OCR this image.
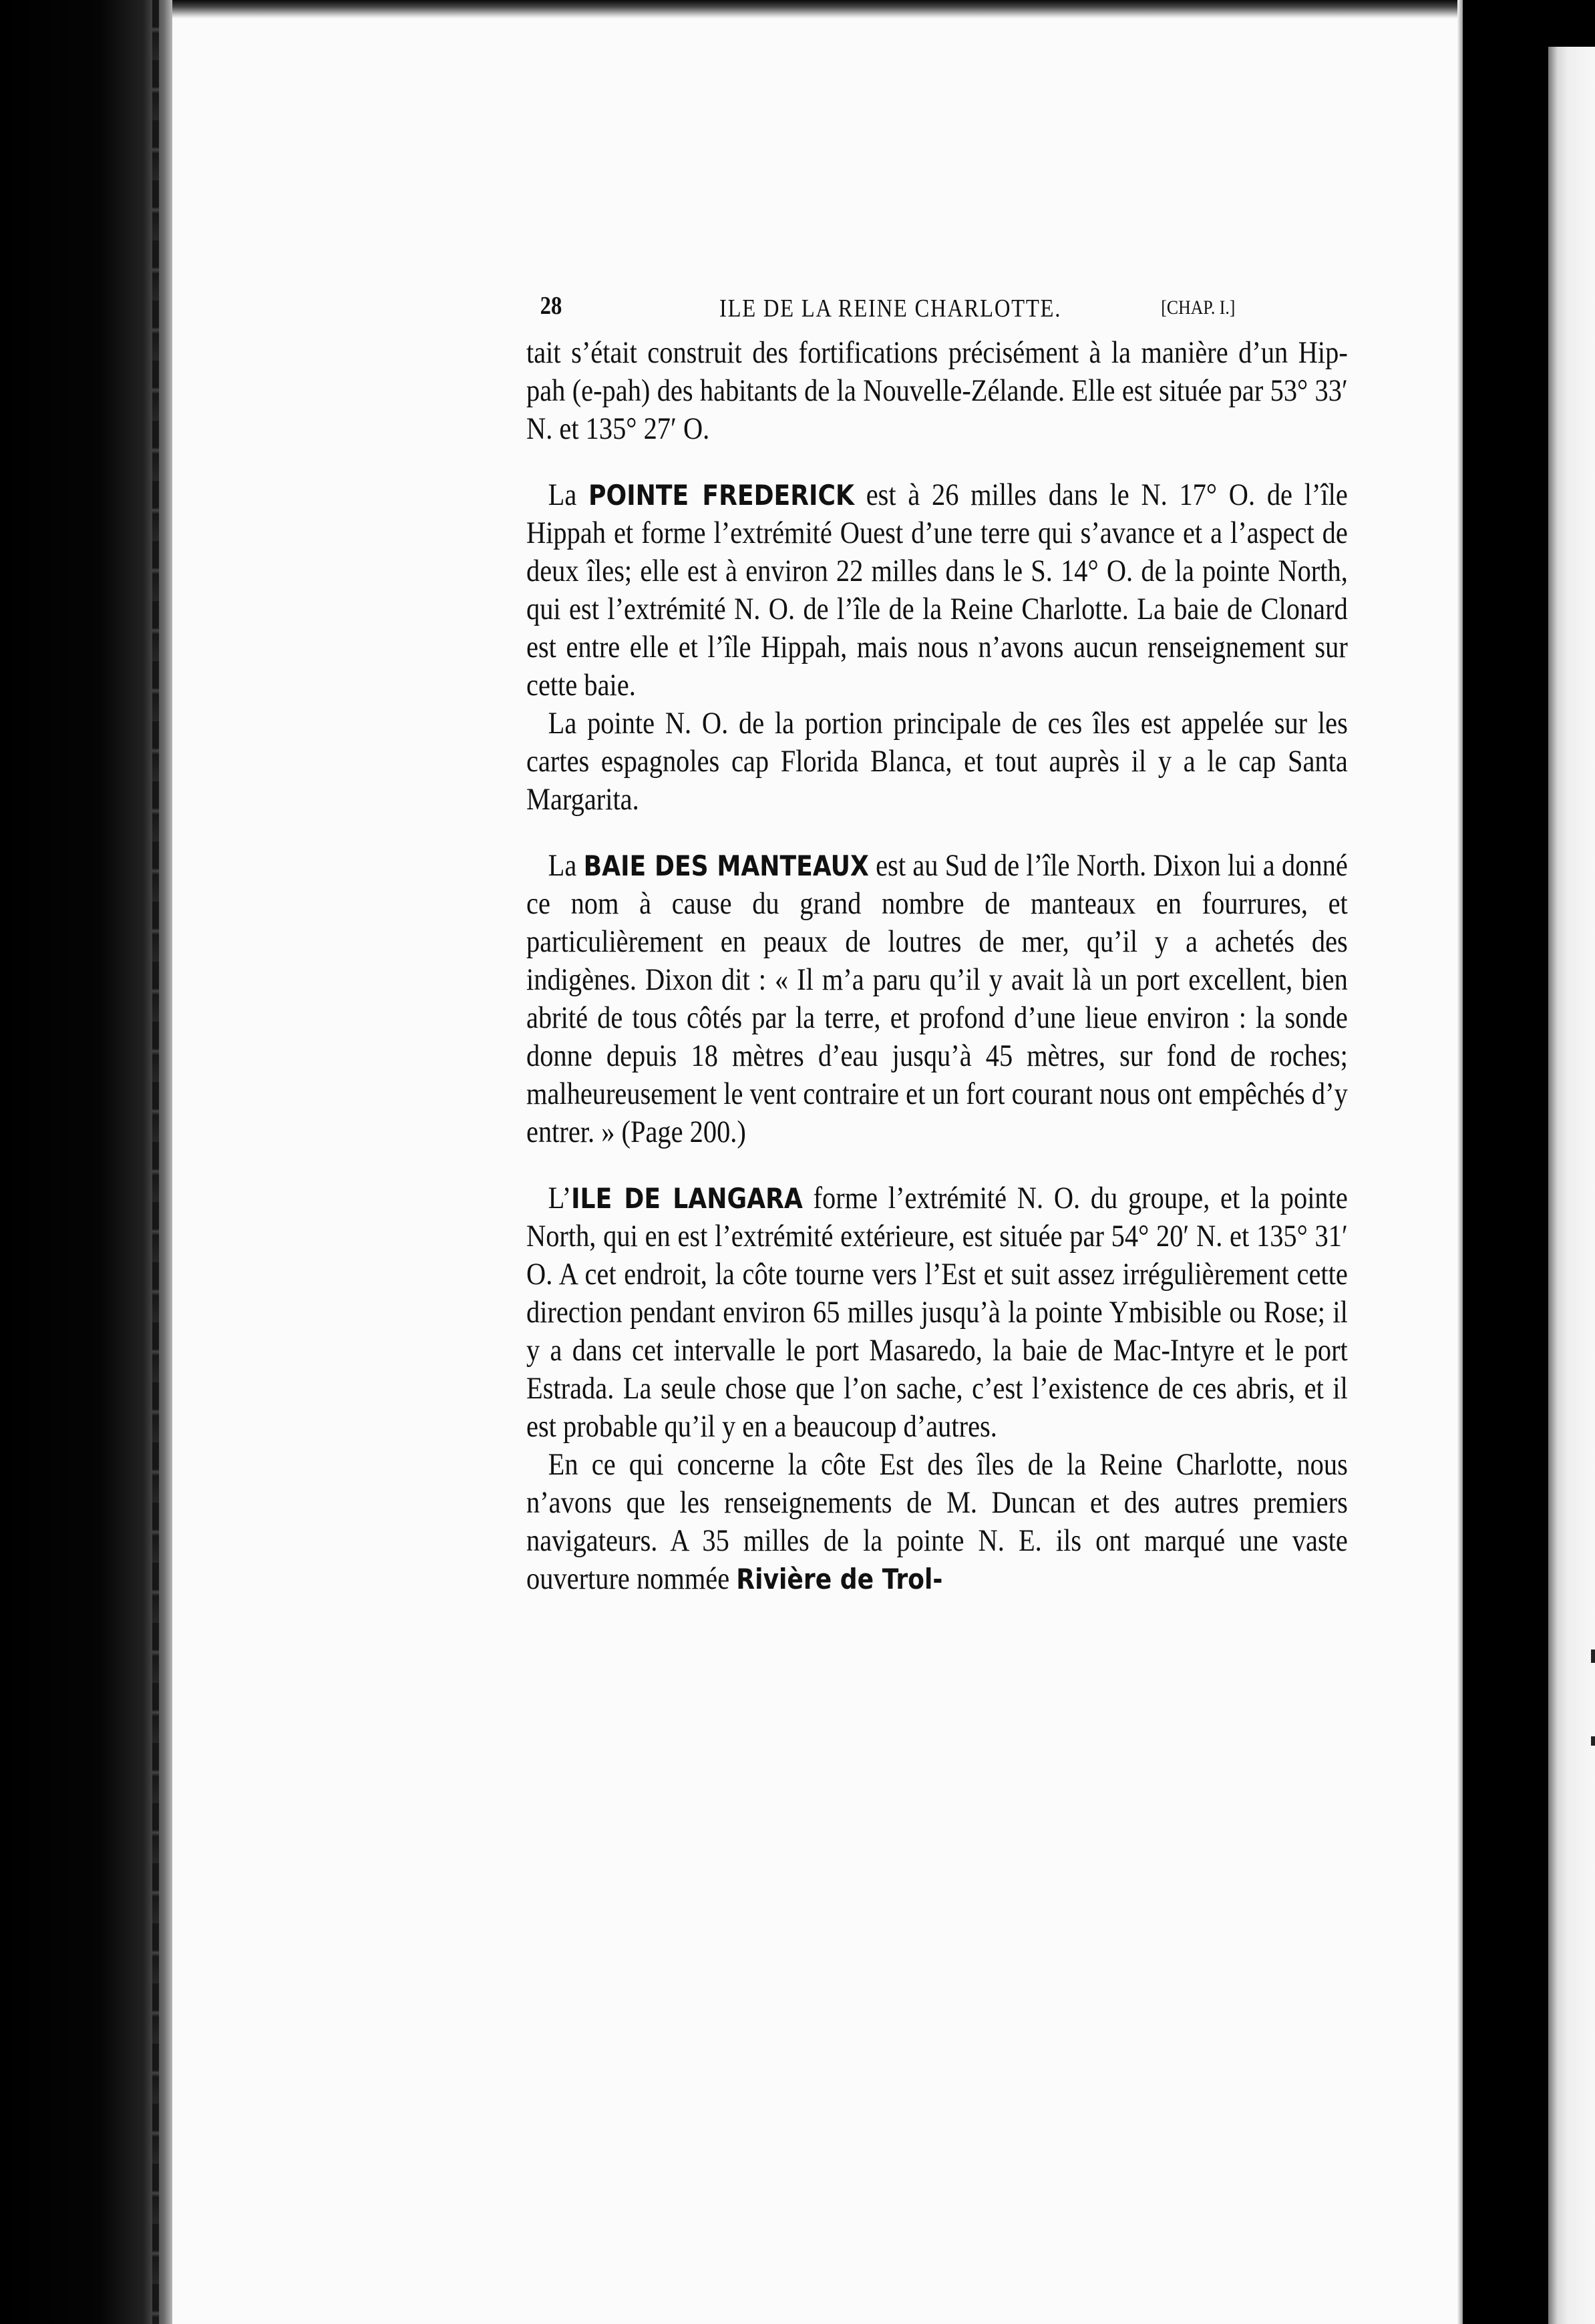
28	ILE DE LA REINE CHARLOTTE.	[CHAP. I.]

tait s’était construit des fortifications précisément à la manière d’un Hip-pah (e-pah) des habitants de la Nouvelle-Zélande. Elle est située par 53° 33′ N. et 135° 27′ O.

La POINTE FREDERICK est à 26 milles dans le N. 17° O. de l’île Hippah et forme l’extrémité Ouest d’une terre qui s’avance et a l’aspect de deux îles; elle est à environ 22 milles dans le S. 14° O. de la pointe North, qui est l’extrémité N. O. de l’île de la Reine Charlotte. La baie de Clonard est entre elle et l’île Hippah, mais nous n’avons aucun renseignement sur cette baie.

La pointe N. O. de la portion principale de ces îles est appelée sur les cartes espagnoles cap Florida Blanca, et tout auprès il y a le cap Santa Margarita.

La BAIE DES MANTEAUX est au Sud de l’île North. Dixon lui a donné ce nom à cause du grand nombre de manteaux en fourrures, et particulièrement en peaux de loutres de mer, qu’il y a achetés des indigènes. Dixon dit : « Il m’a paru qu’il y avait là un port excellent, bien abrité de tous côtés par la terre, et profond d’une lieue environ : la sonde donne depuis 18 mètres d’eau jusqu’à 45 mètres, sur fond de roches; malheureusement le vent contraire et un fort courant nous ont empêchés d’y entrer. » (Page 200.)

L’ILE DE LANGARA forme l’extrémité N. O. du groupe, et la pointe North, qui en est l’extrémité extérieure, est située par 54° 20′ N. et 135° 31′ O. A cet endroit, la côte tourne vers l’Est et suit assez irrégulièrement cette direction pendant environ 65 milles jusqu’à la pointe Ymbisible ou Rose; il y a dans cet intervalle le port Masaredo, la baie de Mac-Intyre et le port Estrada. La seule chose que l’on sache, c’est l’existence de ces abris, et il est probable qu’il y en a beaucoup d’autres.

En ce qui concerne la côte Est des îles de la Reine Charlotte, nous n’avons que les renseignements de M. Duncan et des autres premiers navigateurs. A 35 milles de la pointe N. E. ils ont marqué une vaste ouverture nommée Rivière de Trol-
